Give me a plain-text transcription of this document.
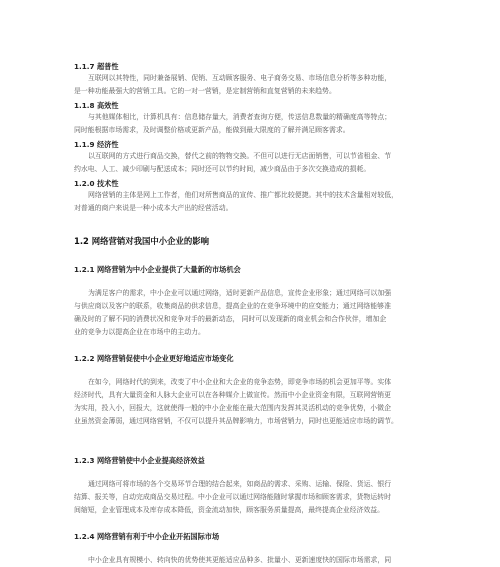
1.1.7 超普性
互联网以其特性，同时兼备展销、促销、互动顾客服务、电子商务交易、市场信息分析等多种功能，
是一种功能最强大的营销工具。它的一对一营销，是定制营销和直复营销的未来趋势。
1.1.8 高效性
与其他媒体相比，计算机具有：信息储存量大，消费者查询方便，传送信息数量的精确度高等特点；
同时能根据市场需求，及时调整价格或更新产品，能做到最大限度的了解并满足顾客需求。
1.1.9 经济性
以互联网的方式进行商品交换，替代之前的物物交换。不但可以进行无店面销售，可以节省租金、节
约水电、人工、减少印刷与配送成本；同时还可以节约时间，减少商品由于多次交换造成的损耗。
1.2.0 技术性
网络营销的主体是网上工作者，他们对所售商品的宣传、推广都比较便捷。其中的技术含量相对较低，
对普通的商户来说是一种小成本大产出的经营活动。
1.2 网络营销对我国中小企业的影响
1.2.1 网络营销为中小企业提供了大量新的市场机会
为满足客户的需求，中小企业可以通过网络，适时更新产品信息，宣传企业形象；通过网络可以加强
与供应商以及客户的联系，收集商品的供求信息，提高企业的在竞争环境中的应变能力；通过网络能够准
确及时的了解不同的消费状况和竞争对手的最新动态， 同时可以发现新的商业机会和合作伙伴，增加企
业的竞争力以提高企业在市场中的主动力。
1.2.2 网络营销促使中小企业更好地适应市场变化
在如今，网络时代的到来，改变了中小企业和大企业的竞争态势，即竞争市场的机会更加平等。实体
经济时代，具有大量资金和人脉大企业可以在各种媒介上做宣传。然而中小企业资金有限，互联网营销更
为实用，投入小，回报大，这就使得一般的中小企业能在最大范围内发挥其灵活机动的竞争优势，小微企
业虽然资金薄弱，通过网络营销，不仅可以提升其品牌影响力，市场营销力，同时也更能适应市场的调节。
1.2.3 网络营销使中小企业提高经济效益
通过网络可将市场的各个交易环节合理的结合起来，如商品的需求、采购、运输、保险、货运、银行
结算、报关等，自动完成商品交易过程。中小企业可以通过网络能随时掌握市场和顾客需求，货物运转时
间缩短，企业管理成本及库存成本降低，资金流动加快，顾客服务质量提高，最终提高企业经济效益。
1.2.4 网络营销有利于中小企业开拓国际市场
中小企业具有规模小、转向快的优势使其更能适应品种多、批量小、更新速度快的国际市场需求，同
